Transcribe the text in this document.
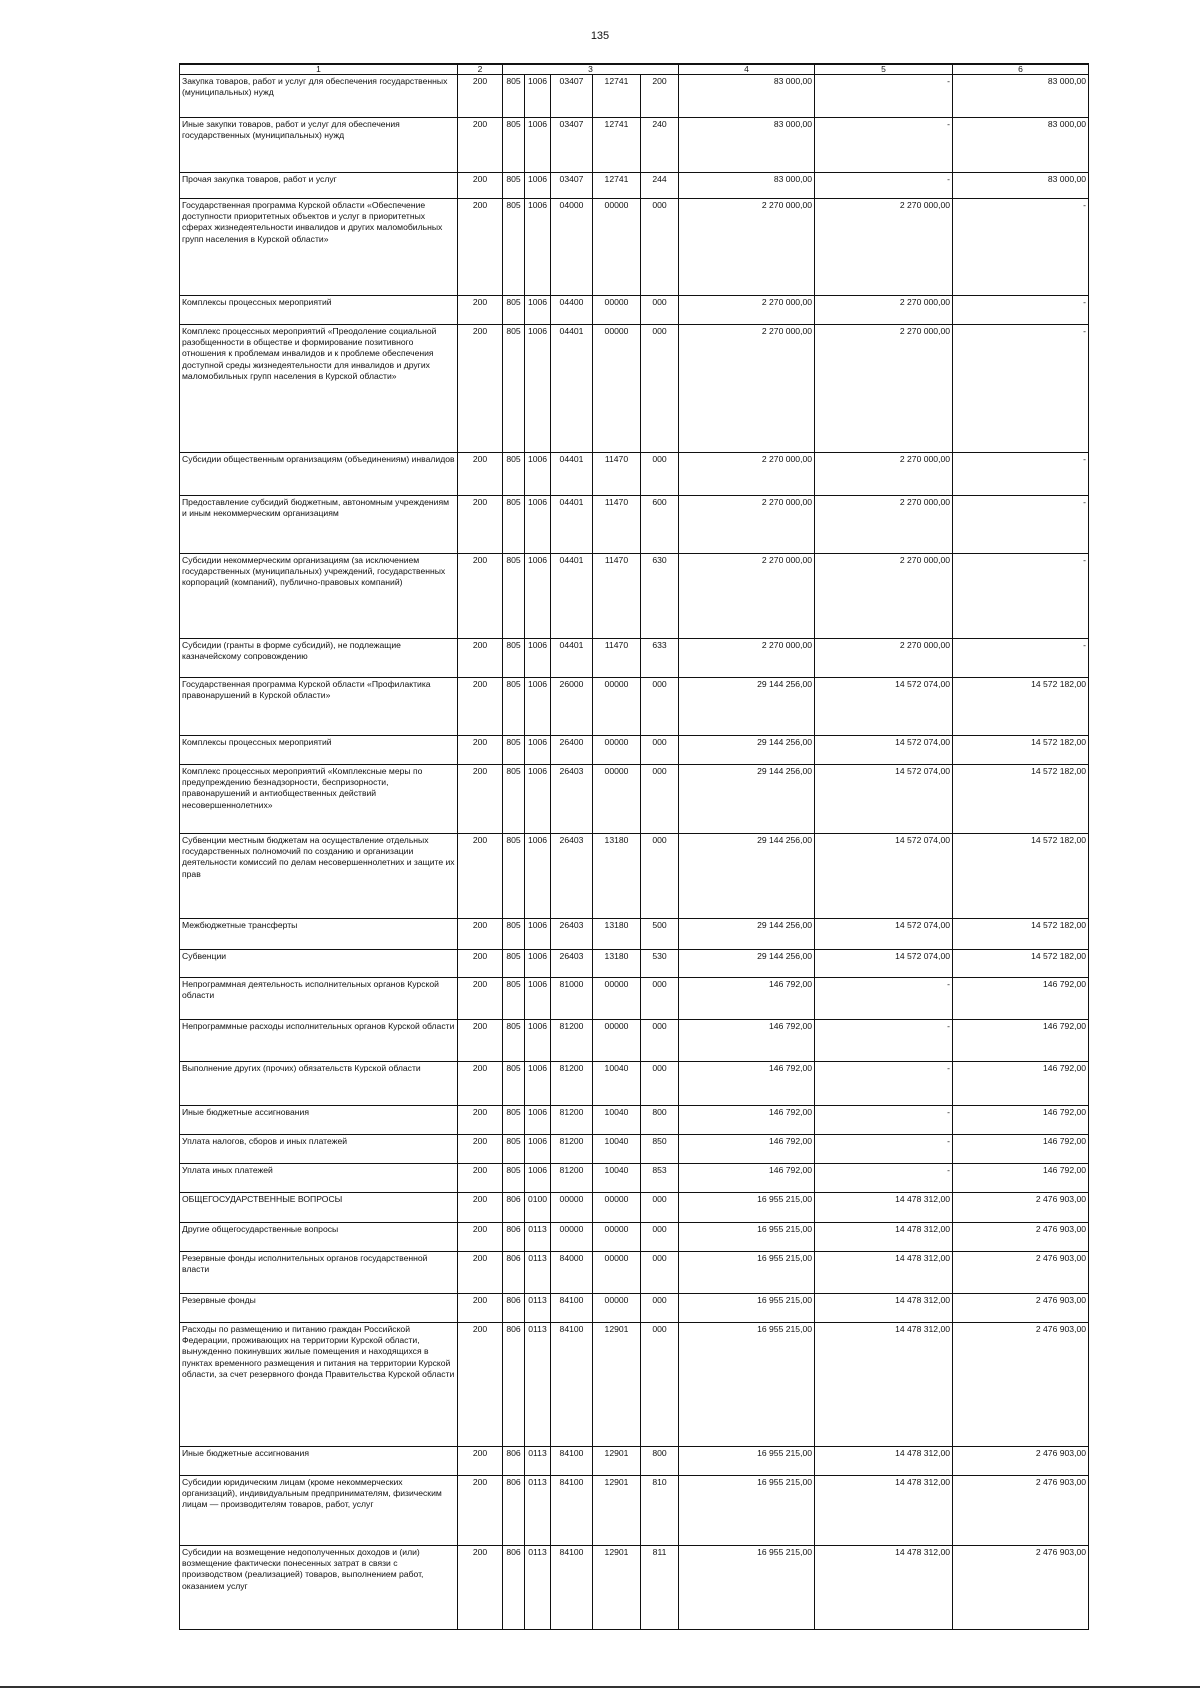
135
1	2	3					4	5	6
Закупка товаров, работ и услуг для обеспечения государственных (муниципальных) нужд	200	805	1006	03407	12741	200	83 000,00	-	83 000,00
Иные закупки товаров, работ и услуг для обеспечения государственных (муниципальных) нужд	200	805	1006	03407	12741	240	83 000,00	-	83 000,00
Прочая закупка товаров, работ и услуг	200	805	1006	03407	12741	244	83 000,00	-	83 000,00
Государственная программа Курской области «Обеспечение доступности приоритетных объектов и услуг в приоритетных сферах жизнедеятельности инвалидов и других маломобильных групп населения в Курской области»	200	805	1006	04000	00000	000	2 270 000,00	2 270 000,00	-
Комплексы процессных мероприятий	200	805	1006	04400	00000	000	2 270 000,00	2 270 000,00	-
Комплекс процессных мероприятий «Преодоление социальной разобщенности в обществе и формирование позитивного отношения к проблемам инвалидов и к проблеме обеспечения доступной среды жизнедеятельности для инвалидов и других маломобильных групп населения в Курской области»	200	805	1006	04401	00000	000	2 270 000,00	2 270 000,00	-
Субсидии общественным организациям (объединениям) инвалидов	200	805	1006	04401	11470	000	2 270 000,00	2 270 000,00	-
Предоставление субсидий бюджетным, автономным учреждениям и иным некоммерческим организациям	200	805	1006	04401	11470	600	2 270 000,00	2 270 000,00	-
Субсидии некоммерческим организациям (за исключением государственных (муниципальных) учреждений, государственных корпораций (компаний), публично-правовых компаний)	200	805	1006	04401	11470	630	2 270 000,00	2 270 000,00	-
Субсидии (гранты в форме субсидий), не подлежащие казначейскому сопровождению	200	805	1006	04401	11470	633	2 270 000,00	2 270 000,00	-
Государственная программа Курской области «Профилактика правонарушений в Курской области»	200	805	1006	26000	00000	000	29 144 256,00	14 572 074,00	14 572 182,00
Комплексы процессных мероприятий	200	805	1006	26400	00000	000	29 144 256,00	14 572 074,00	14 572 182,00
Комплекс процессных мероприятий «Комплексные меры по предупреждению безнадзорности, беспризорности, правонарушений и антиобщественных действий несовершеннолетних»	200	805	1006	26403	00000	000	29 144 256,00	14 572 074,00	14 572 182,00
Субвенции местным бюджетам на осуществление отдельных государственных полномочий по созданию и организации деятельности комиссий по делам несовершеннолетних и защите их прав	200	805	1006	26403	13180	000	29 144 256,00	14 572 074,00	14 572 182,00
Межбюджетные трансферты	200	805	1006	26403	13180	500	29 144 256,00	14 572 074,00	14 572 182,00
Субвенции	200	805	1006	26403	13180	530	29 144 256,00	14 572 074,00	14 572 182,00
Непрограммная деятельность исполнительных органов Курской области	200	805	1006	81000	00000	000	146 792,00	-	146 792,00
Непрограммные расходы исполнительных органов Курской области	200	805	1006	81200	00000	000	146 792,00	-	146 792,00
Выполнение других (прочих) обязательств Курской области	200	805	1006	81200	10040	000	146 792,00	-	146 792,00
Иные бюджетные ассигнования	200	805	1006	81200	10040	800	146 792,00	-	146 792,00
Уплата налогов, сборов и иных платежей	200	805	1006	81200	10040	850	146 792,00	-	146 792,00
Уплата иных платежей	200	805	1006	81200	10040	853	146 792,00	-	146 792,00
ОБЩЕГОСУДАРСТВЕННЫЕ ВОПРОСЫ	200	806	0100	00000	00000	000	16 955 215,00	14 478 312,00	2 476 903,00
Другие общегосударственные вопросы	200	806	0113	00000	00000	000	16 955 215,00	14 478 312,00	2 476 903,00
Резервные фонды исполнительных органов государственной власти	200	806	0113	84000	00000	000	16 955 215,00	14 478 312,00	2 476 903,00
Резервные фонды	200	806	0113	84100	00000	000	16 955 215,00	14 478 312,00	2 476 903,00
Расходы по размещению и питанию граждан Российской Федерации, проживающих на территории Курской области, вынужденно покинувших жилые помещения и находящихся в пунктах временного размещения и питания на территории Курской области, за счет резервного фонда Правительства Курской области	200	806	0113	84100	12901	000	16 955 215,00	14 478 312,00	2 476 903,00
Иные бюджетные ассигнования	200	806	0113	84100	12901	800	16 955 215,00	14 478 312,00	2 476 903,00
Субсидии юридическим лицам (кроме некоммерческих организаций), индивидуальным предпринимателям, физическим лицам — производителям товаров, работ, услуг	200	806	0113	84100	12901	810	16 955 215,00	14 478 312,00	2 476 903,00
Субсидии на возмещение недополученных доходов и (или) возмещение фактически понесенных затрат в связи с производством (реализацией) товаров, выполнением работ, оказанием услуг	200	806	0113	84100	12901	811	16 955 215,00	14 478 312,00	2 476 903,00
